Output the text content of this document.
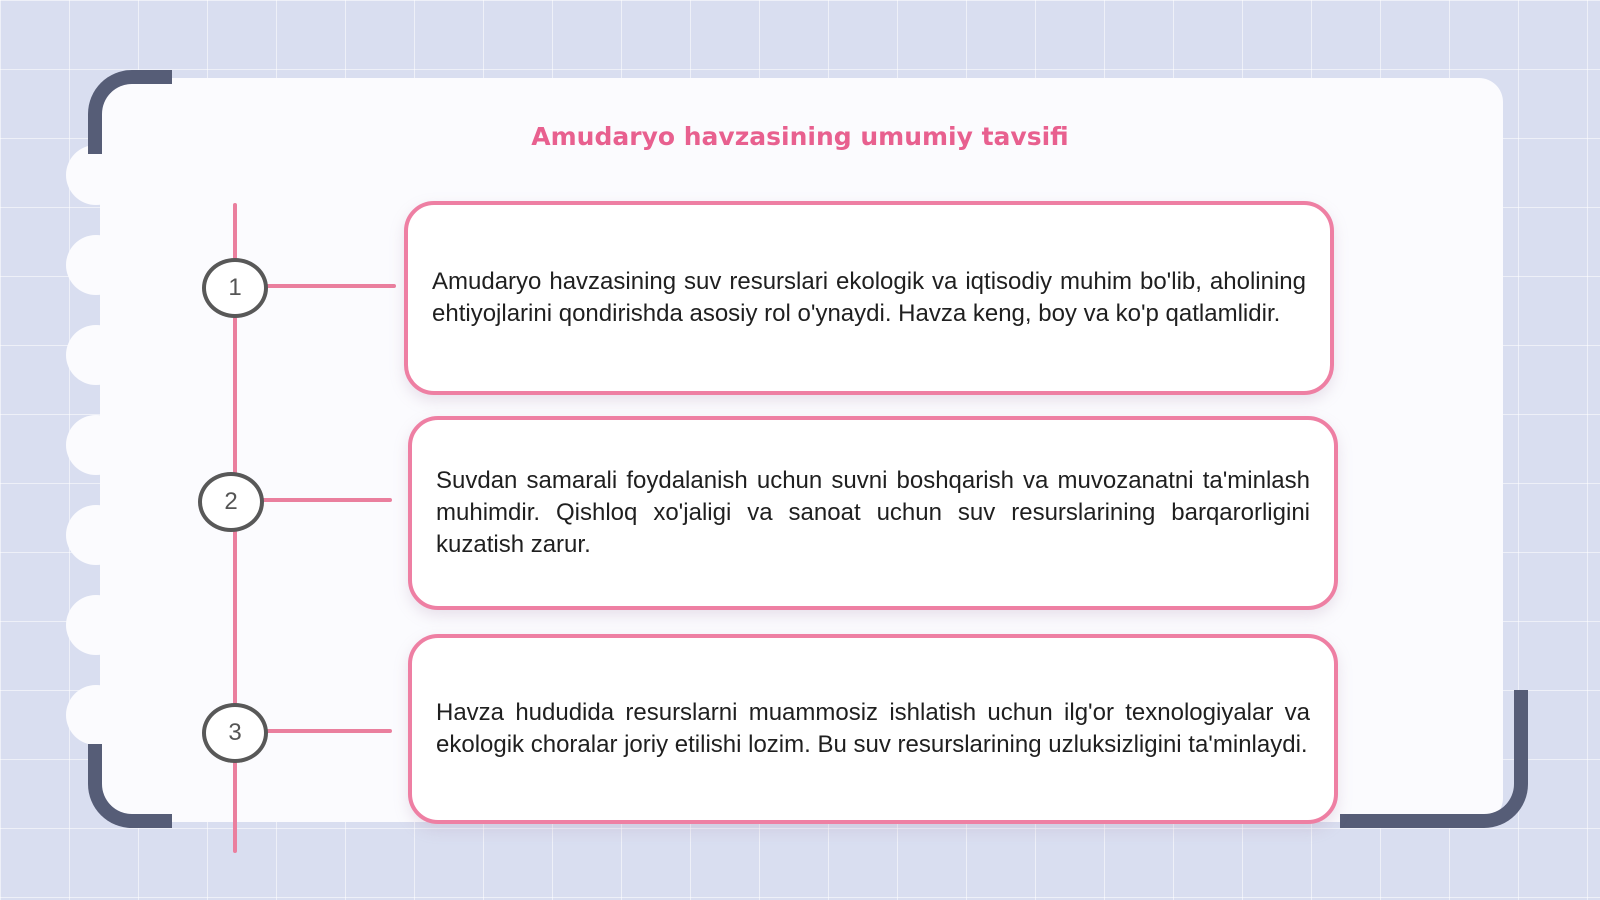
Amudaryo havzasining umumiy tavsifi
1	Amudaryo havzasining suv resurslari ekologik va iqtisodiy muhim bo'lib, aholining ehtiyojlarini qondirishda asosiy rol o'ynaydi. Havza keng, boy va ko'p qatlamlidir.

2

Suvdan samarali foydalanish uchun suvni boshqarish va muvozanatni ta'minlash muhimdir. Qishloq xo'jaligi va sanoat uchun suv resurslarining barqarorligini kuzatish zarur.

3

Havza hududida resurslarni muammosiz ishlatish uchun ilg'or texnologiyalar va ekologik choralar joriy etilishi lozim. Bu suv resurslarining uzluksizligini ta'minlaydi.
